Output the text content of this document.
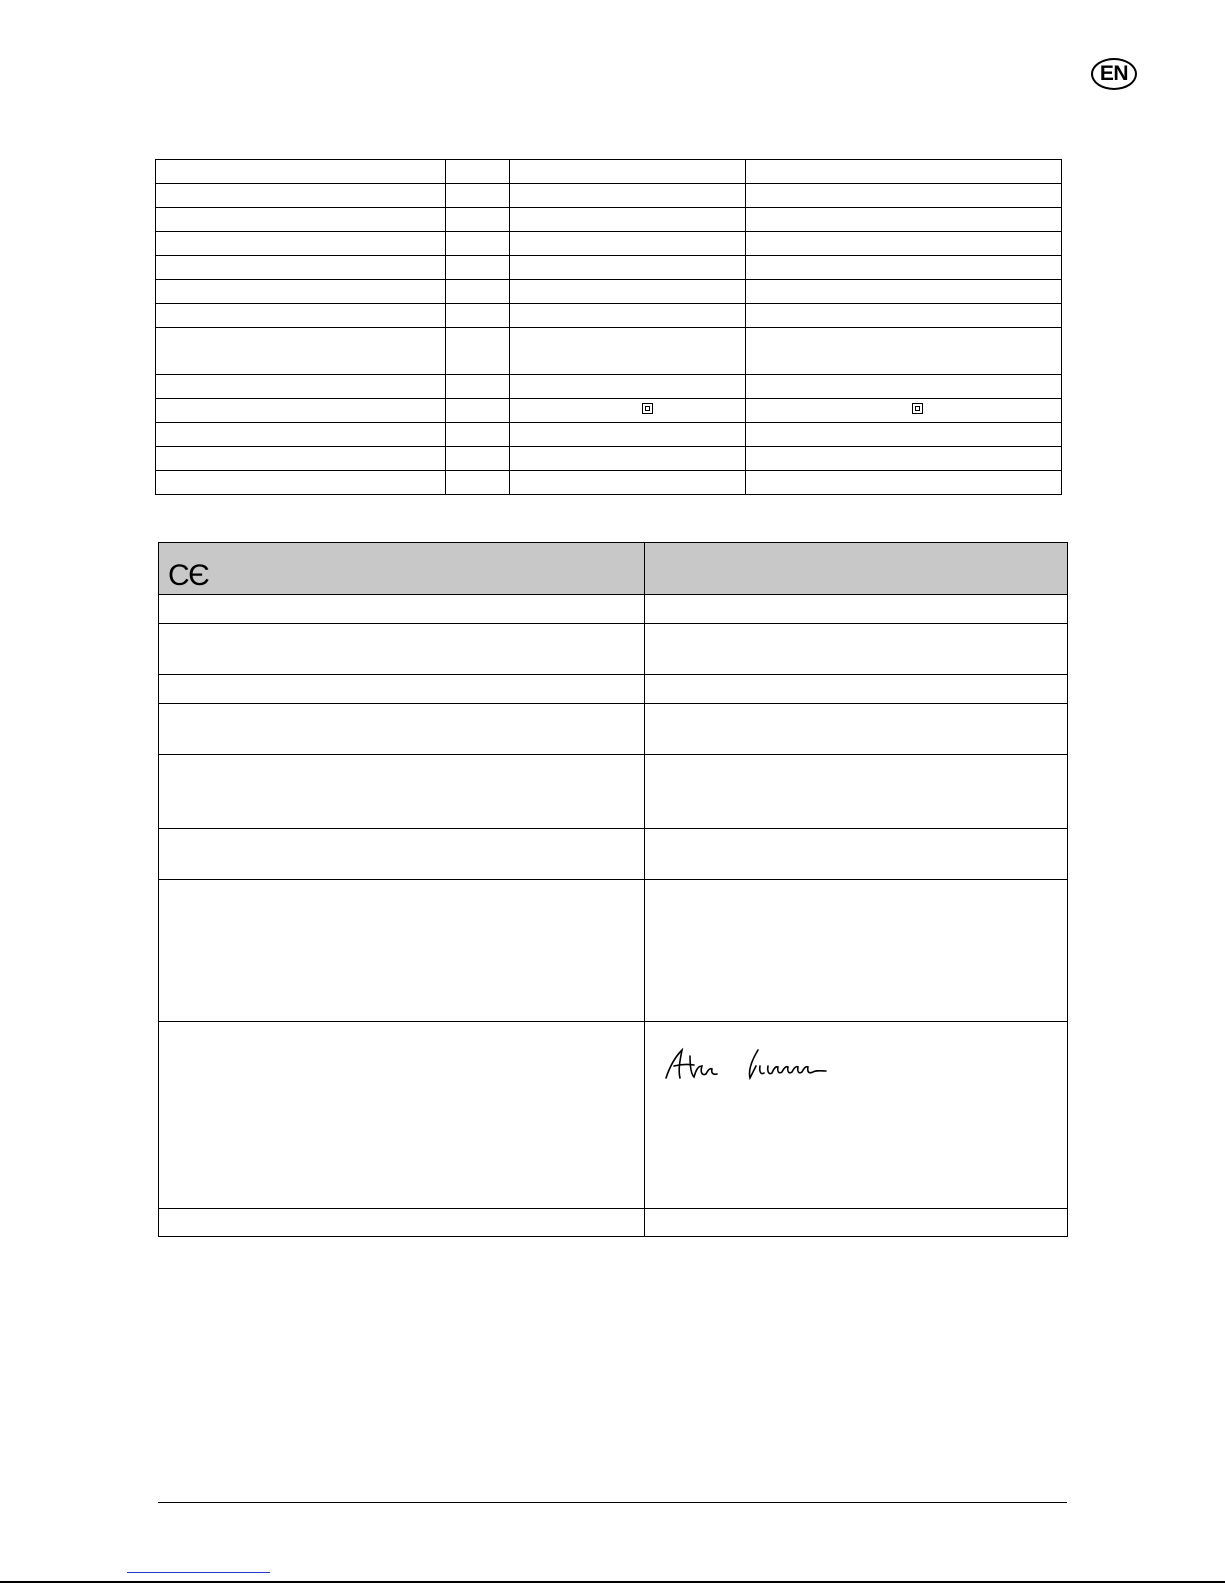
EN

C Є	
